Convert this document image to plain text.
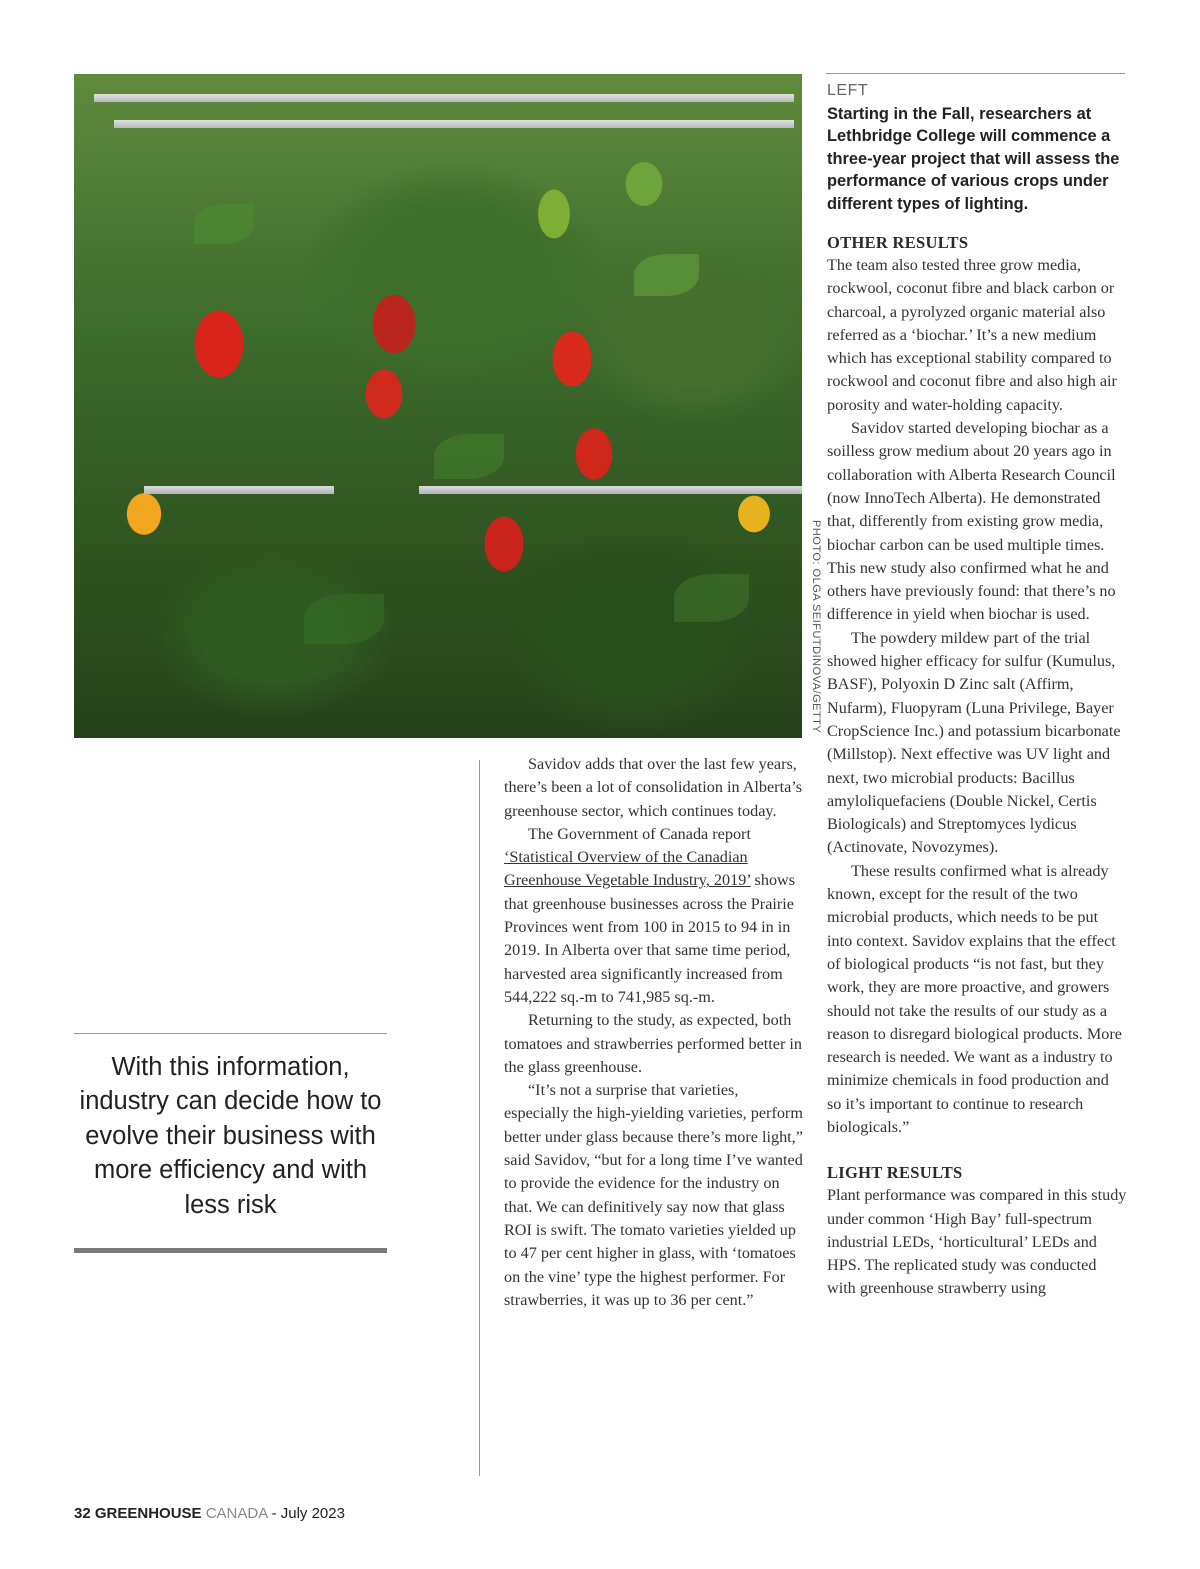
PHOTO: OLGA SEIFUTDINOVA/GETTY
LEFT
Starting in the Fall, researchers at Lethbridge College will commence a three-year project that will assess the performance of various crops under different types of lighting.

OTHER RESULTS

The team also tested three grow media, rockwool, coconut fibre and black carbon or charcoal, a pyrolyzed organic material also referred as a ‘biochar.’ It’s a new medium which has exceptional stability compared to rockwool and coconut fibre and also high air porosity and water-holding capacity.

Savidov started developing biochar as a soilless grow medium about 20 years ago in collaboration with Alberta Research Council (now InnoTech Alberta). He demonstrated that, differently from existing grow media, biochar carbon can be used multiple times. This new study also confirmed what he and others have previously found: that there’s no difference in yield when biochar is used.

The powdery mildew part of the trial showed higher efficacy for sulfur (Kumulus, BASF), Polyoxin D Zinc salt (Affirm, Nufarm), Fluopyram (Luna Privilege, Bayer CropScience Inc.) and potassium bicarbonate (Millstop). Next effective was UV light and next, two microbial products: Bacillus amyloliquefaciens (Double Nickel, Certis Biologicals) and Streptomyces lydicus (Actinovate, Novozymes).

These results confirmed what is already known, except for the result of the two microbial products, which needs to be put into context. Savidov explains that the effect of biological products “is not fast, but they work, they are more proactive, and growers should not take the results of our study as a reason to disregard biological products. More research is needed. We want as a industry to minimize chemicals in food production and so it’s important to continue to research biologicals.”

LIGHT RESULTS

Plant performance was compared in this study under common ‘High Bay’ full-spectrum industrial LEDs, ‘horticultural’ LEDs and HPS. The replicated study was conducted with greenhouse strawberry using

Savidov adds that over the last few years, there’s been a lot of consolidation in Alberta’s greenhouse sector, which continues today.

The Government of Canada report ‘Statistical Overview of the Canadian Greenhouse Vegetable Industry, 2019’ shows that greenhouse businesses across the Prairie Provinces went from 100 in 2015 to 94 in in 2019. In Alberta over that same time period, harvested area significantly increased from 544,222 sq.-m to 741,985 sq.-m.

Returning to the study, as expected, both tomatoes and strawberries performed better in the glass greenhouse.

“It’s not a surprise that varieties, especially the high-yielding varieties, perform better under glass because there’s more light,” said Savidov, “but for a long time I’ve wanted to provide the evidence for the industry on that. We can definitively say now that glass ROI is swift. The tomato varieties yielded up to 47 per cent higher in glass, with ‘tomatoes on the vine’ type the highest performer. For strawberries, it was up to 36 per cent.”

With this information, industry can decide how to evolve their business with more efficiency and with less risk
32 GREENHOUSE CANADA - July 2023
